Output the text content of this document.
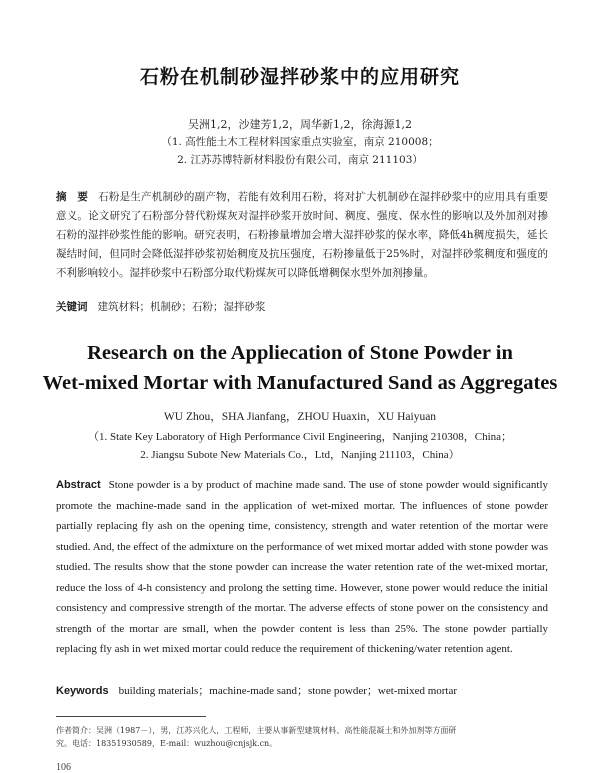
石粉在机制砂湿拌砂浆中的应用研究
吴洲1,2，沙建芳1,2，周华新1,2，徐海源1,2
（1. 高性能土木工程材料国家重点实验室，南京 210008；
2. 江苏苏博特新材料股份有限公司，南京 211103）
摘　要 石粉是生产机制砂的副产物，若能有效利用石粉，将对扩大机制砂在湿拌砂浆中的应用具有重要意义。论文研究了石粉部分替代粉煤灰对湿拌砂浆开放时间、稠度、强度、保水性的影响以及外加剂对掺石粉的湿拌砂浆性能的影响。研究表明，石粉掺量增加会增大湿拌砂浆的保水率，降低4h稠度损失，延长凝结时间，但同时会降低湿拌砂浆初始稠度及抗压强度，石粉掺量低于25%时，对湿拌砂浆稠度和强度的不利影响较小。湿拌砂浆中石粉部分取代粉煤灰可以降低增稠保水型外加剂掺量。
关键词 建筑材料；机制砂；石粉；湿拌砂浆
Research on the Appliecation of Stone Powder in
Wet-mixed Mortar with Manufactured Sand as Aggregates
WU Zhou，SHA Jianfang，ZHOU Huaxin，XU Haiyuan
（1. State Key Laboratory of High Performance Civil Engineering，Nanjing 210308，China；
2. Jiangsu Subote New Materials Co.，Ltd，Nanjing 211103，China）
Abstract Stone powder is a by product of machine made sand. The use of stone powder would significantly promote the machine-made sand in the application of wet-mixed mortar. The influences of stone powder partially replacing fly ash on the opening time, consistency, strength and water retention of the mortar were studied. And, the effect of the admixture on the performance of wet mixed mortar added with stone powder was studied. The results show that the stone powder can increase the water retention rate of the wet-mixed mortar, reduce the loss of 4-h consistency and prolong the setting time. However, stone power would reduce the initial consistency and compressive strength of the mortar. The adverse effects of stone power on the consistency and strength of the mortar are small, when the powder content is less than 25%. The stone powder partially replacing fly ash in wet mixed mortar could reduce the requirement of thickening/water retention agent.
Keywords building materials；machine-made sand；stone powder；wet-mixed mortar
作者简介：吴洲（1987－），男，江苏兴化人，工程师，主要从事新型建筑材料、高性能混凝土和外加剂等方面研
究。电话：18351930589，E-mail：wuzhou@cnjsjk.cn。
106
